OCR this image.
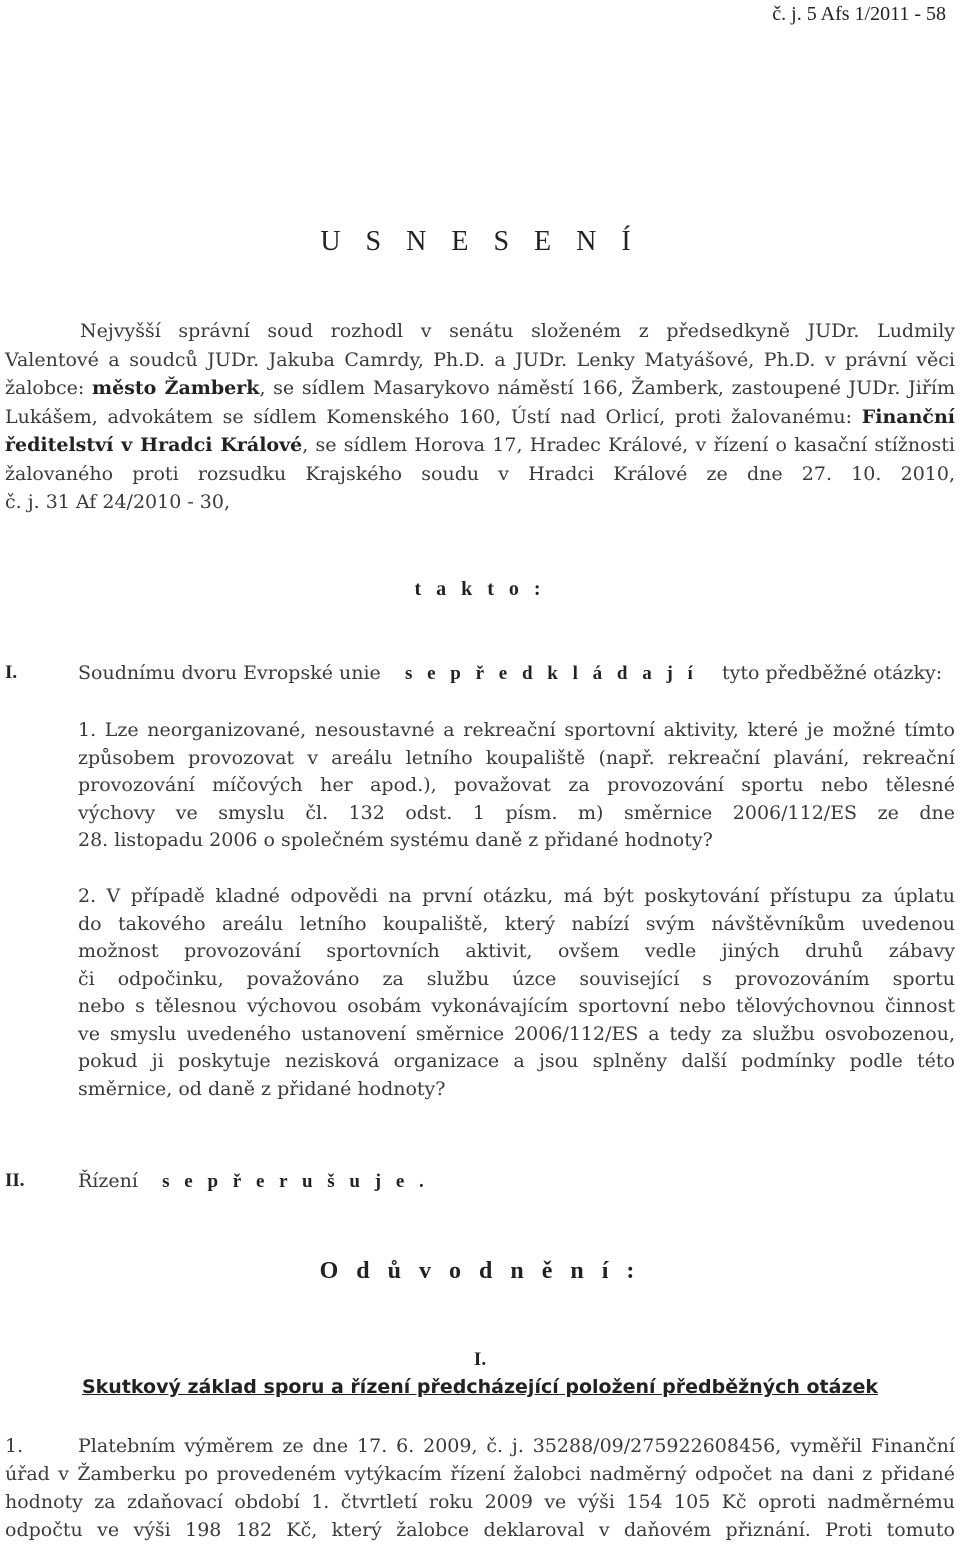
č. j. 5 Afs 1/2011 - 58
U S N E S E N Í

Nejvyšší správní soud rozhodl v senátu složeném z předsedkyně JUDr. Ludmily

Valentové a soudců JUDr. Jakuba Camrdy, Ph.D. a JUDr. Lenky Matyášové, Ph.D. v právní věci

žalobce: město Žamberk, se sídlem Masarykovo náměstí 166, Žamberk, zastoupené JUDr. Jiřím

Lukášem, advokátem se sídlem Komenského 160, Ústí nad Orlicí, proti žalovanému: Finanční

ředitelství v Hradci Králové, se sídlem Horova 17, Hradec Králové, v řízení o kasační stížnosti

žalovaného proti rozsudku Krajského soudu v Hradci Králové ze dne 27. 10. 2010,

č. j. 31 Af 24/2010 - 30,

t a k t o :
I.	Soudnímu dvoru Evropské unie s e p ř e d k l á d a j í tyto předběžné otázky:

1. Lze neorganizované, nesoustavné a rekreační sportovní aktivity, které je možné tímto

způsobem provozovat v areálu letního koupaliště (např. rekreační plavání, rekreační

provozování míčových her apod.), považovat za provozování sportu nebo tělesné

výchovy ve smyslu čl. 132 odst. 1 písm. m) směrnice 2006/112/ES ze dne

28. listopadu 2006 o společném systému daně z přidané hodnoty?

2. V případě kladné odpovědi na první otázku, má být poskytování přístupu za úplatu

do takového areálu letního koupaliště, který nabízí svým návštěvníkům uvedenou

možnost provozování sportovních aktivit, ovšem vedle jiných druhů zábavy

či odpočinku, považováno za službu úzce související s provozováním sportu

nebo s tělesnou výchovou osobám vykonávajícím sportovní nebo tělovýchovnou činnost

ve smyslu uvedeného ustanovení směrnice 2006/112/ES a tedy za službu osvobozenou,

pokud ji poskytuje nezisková organizace a jsou splněny další podmínky podle této

směrnice, od daně z přidané hodnoty?

II.	Řízení s e p ř e r u š u j e .
O d ů v o d n ě n í :
I.
Skutkový základ sporu a řízení předcházející položení předběžných otázek

1.	Platebním výměrem ze dne 17. 6. 2009, č. j. 35288/09/275922608456, vyměřil Finanční

úřad v Žamberku po provedeném vytýkacím řízení žalobci nadměrný odpočet na dani z přidané

hodnoty za zdaňovací období 1. čtvrtletí roku 2009 ve výši 154 105 Kč oproti nadměrnému

odpočtu ve výši 198 182 Kč, který žalobce deklaroval v daňovém přiznání. Proti tomuto
